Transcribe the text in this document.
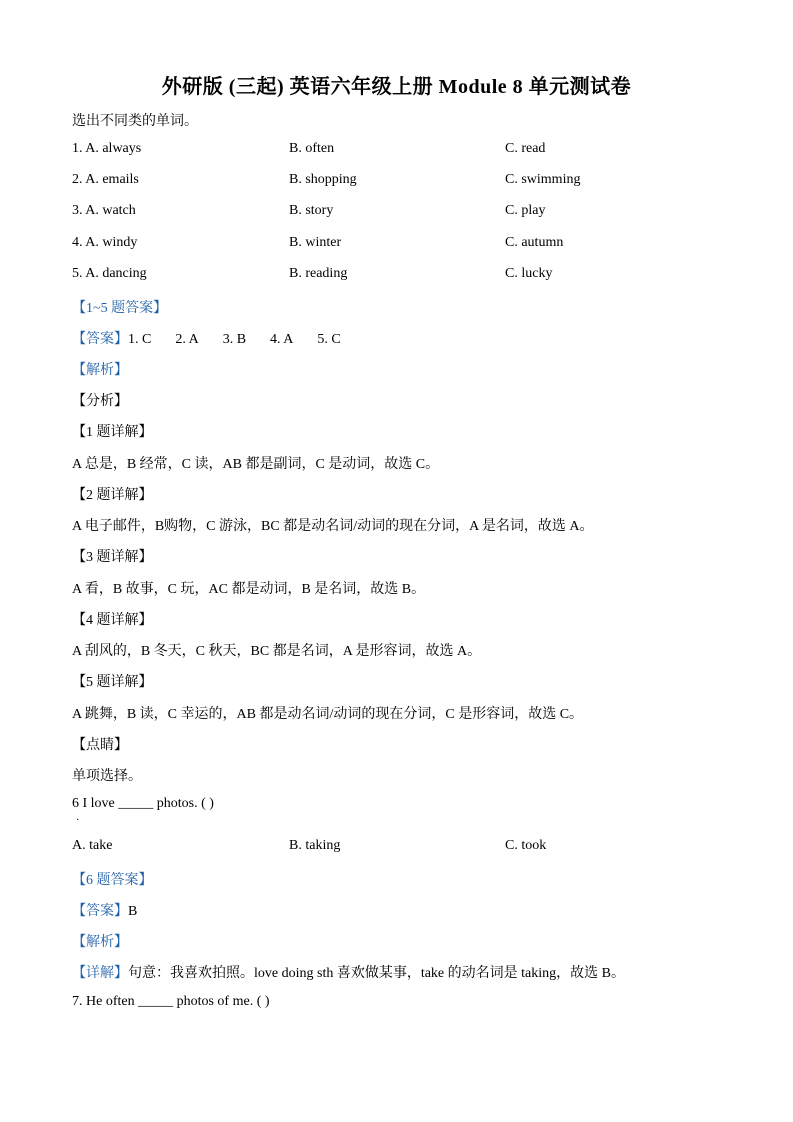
外研版 (三起) 英语六年级上册 Module 8 单元测试卷
选出不同类的单词。
1. A. always	B. often	C. read
2. A. emails	B. shopping	C. swimming
3. A. watch	B. story	C. play
4. A. windy	B. winter	C. autumn
5. A. dancing	B. reading	C. lucky
【1~5 题答案】
【答案】1. C 2. A 3. B 4. A 5. C
【解析】
【分析】
【1 题详解】
A 总是，B 经常，C 读，AB 都是副词，C 是动词，故选 C。
【2 题详解】
A 电子邮件，B购物，C 游泳，BC 都是动名词/动词的现在分词，A 是名词，故选 A。
【3 题详解】
A 看，B 故事，C 玩，AC 都是动词，B 是名词，故选 B。
【4 题详解】
A 刮风的，B 冬天，C 秋天，BC 都是名词，A 是形容词，故选 A。
【5 题详解】
A 跳舞，B 读，C 幸运的，AB 都是动名词/动词的现在分词，C 是形容词，故选 C。
【点睛】
单项选择。
6 I love _____ photos. ( )
·
A. take	B. taking	C. took
【6 题答案】
【答案】B
【解析】
【详解】句意：我喜欢拍照。love doing sth 喜欢做某事，take 的动名词是 taking，故选 B。
7. He often _____ photos of me. ( )
